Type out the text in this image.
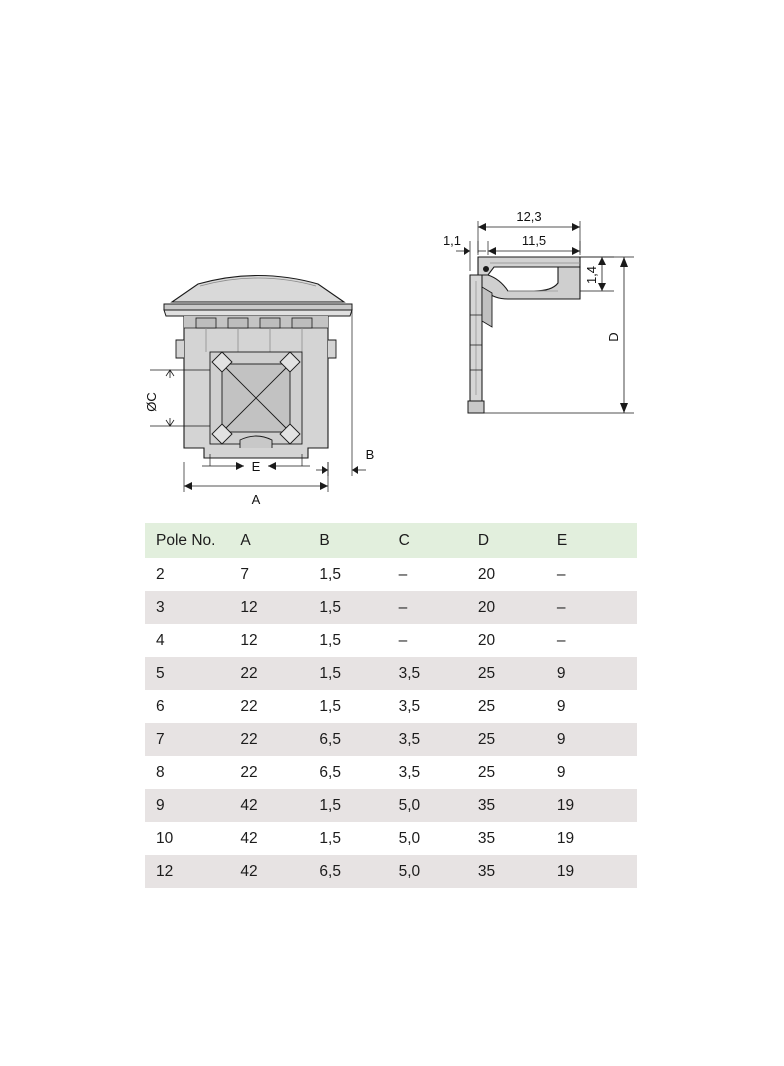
ØC
E
A
B
12,3
11,5
1,1
1,4
D
Pole No.	A	B	C	D	E
2	7	1,5	–	20	–
3	12	1,5	–	20	–
4	12	1,5	–	20	–
5	22	1,5	3,5	25	9
6	22	1,5	3,5	25	9
7	22	6,5	3,5	25	9
8	22	6,5	3,5	25	9
9	42	1,5	5,0	35	19
10	42	1,5	5,0	35	19
12	42	6,5	5,0	35	19
